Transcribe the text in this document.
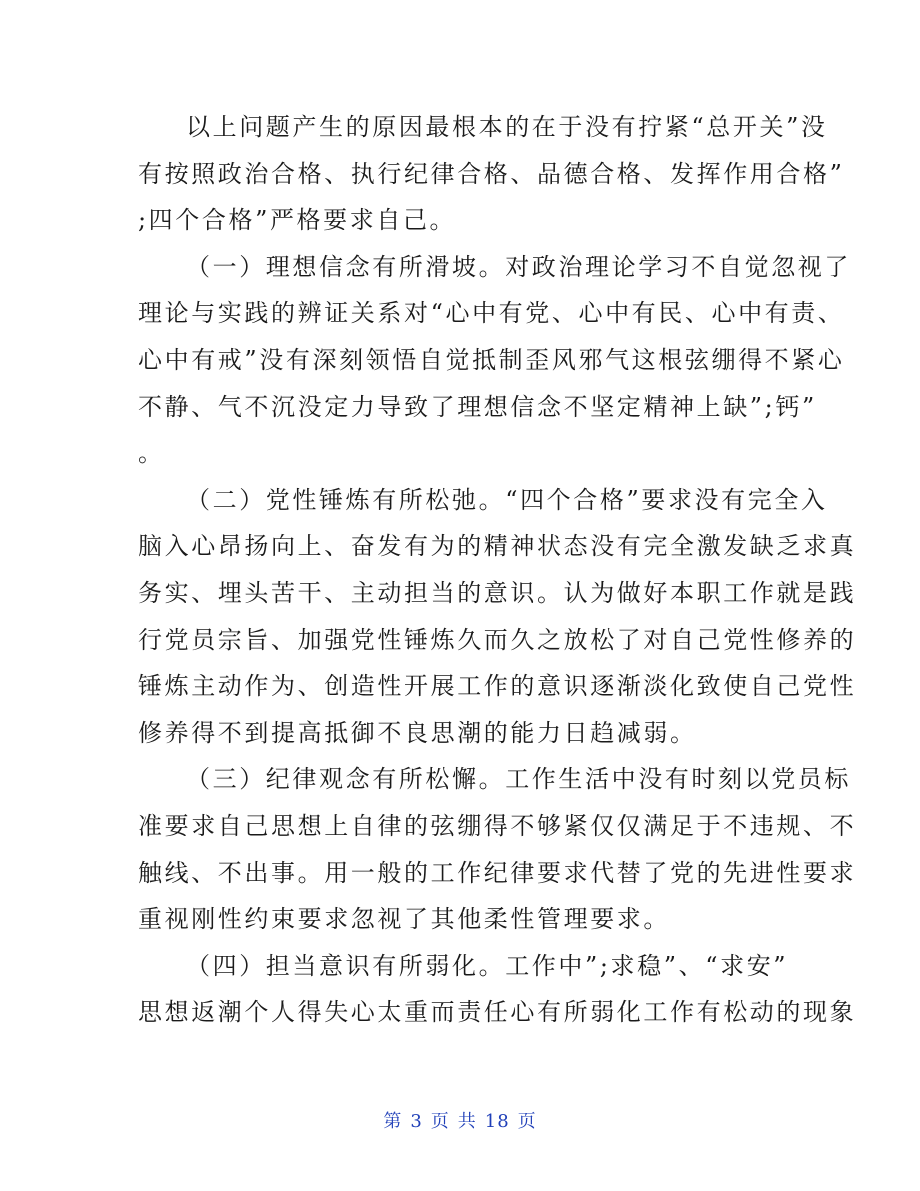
以上问题产生的原因最根本的在于没有拧紧“总开关”没
有按照政治合格、执行纪律合格、品德合格、发挥作用合格”
;四个合格”严格要求自己。

（一）理想信念有所滑坡。对政治理论学习不自觉忽视了
理论与实践的辨证关系对“心中有党、心中有民、心中有责、
心中有戒”没有深刻领悟自觉抵制歪风邪气这根弦绷得不紧心
不静、气不沉没定力导致了理想信念不坚定精神上缺”;钙”
。

（二）党性锤炼有所松弛。“四个合格”要求没有完全入
脑入心昂扬向上、奋发有为的精神状态没有完全激发缺乏求真
务实、埋头苦干、主动担当的意识。认为做好本职工作就是践
行党员宗旨、加强党性锤炼久而久之放松了对自己党性修养的
锤炼主动作为、创造性开展工作的意识逐渐淡化致使自己党性
修养得不到提高抵御不良思潮的能力日趋减弱。

（三）纪律观念有所松懈。工作生活中没有时刻以党员标
准要求自己思想上自律的弦绷得不够紧仅仅满足于不违规、不
触线、不出事。用一般的工作纪律要求代替了党的先进性要求
重视刚性约束要求忽视了其他柔性管理要求。

（四）担当意识有所弱化。工作中”;求稳”、“求安”
思想返潮个人得失心太重而责任心有所弱化工作有松动的现象

第 3 页 共 18 页
